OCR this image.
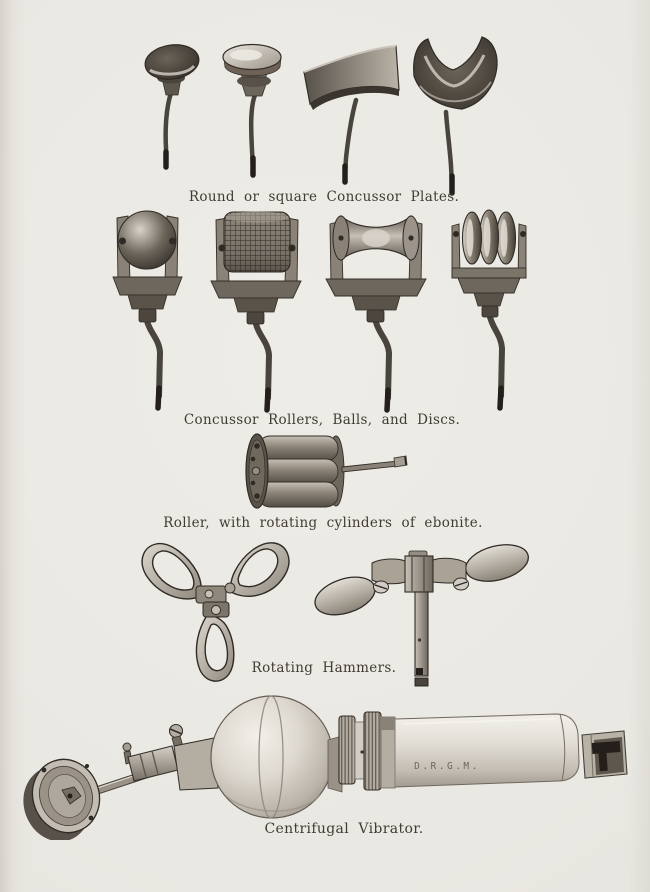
Round or square Concussor Plates.
Concussor Rollers, Balls, and Discs.
Roller, with rotating cylinders of ebonite.
Rotating Hammers.
D.R.G.M.
Centrifugal Vibrator.
